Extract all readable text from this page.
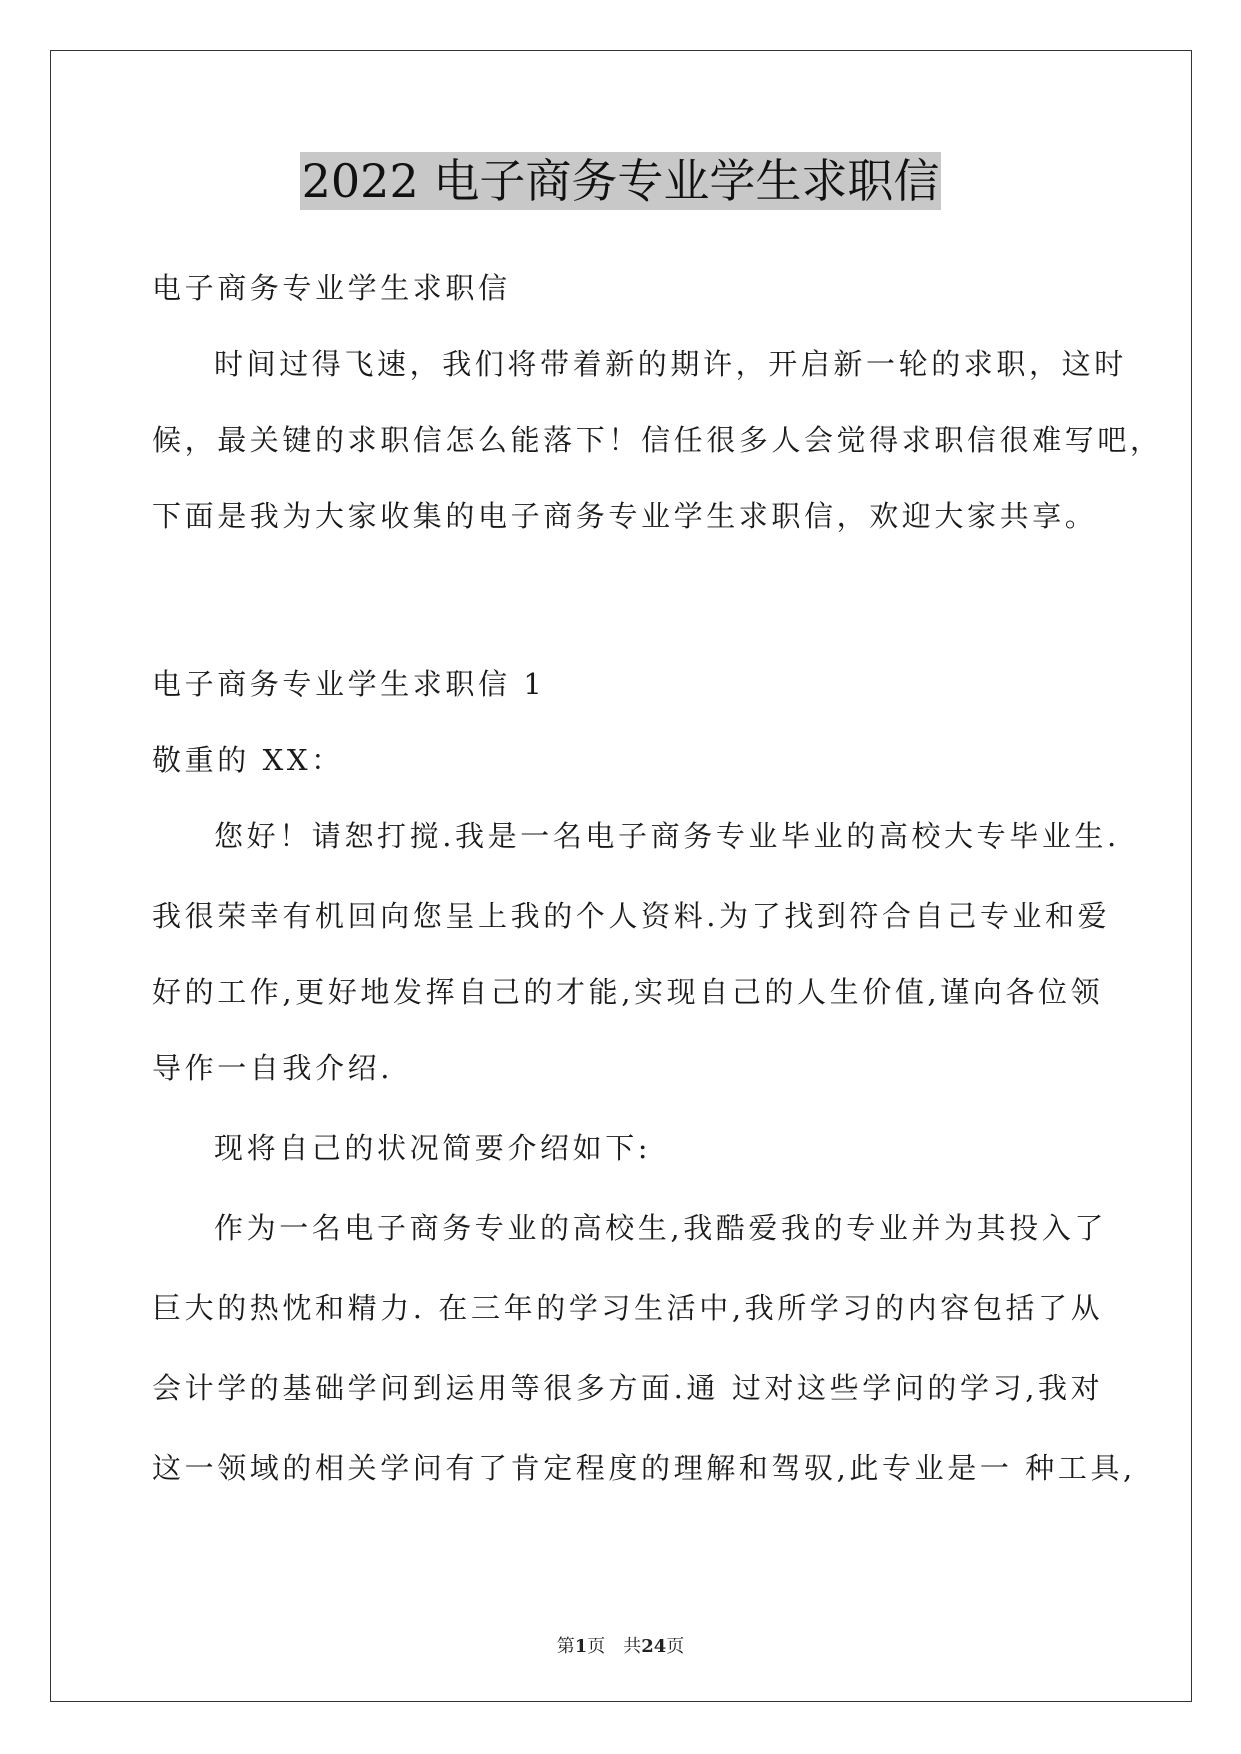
2022 电子商务专业学生求职信
电子商务专业学生求职信
时间过得飞速，我们将带着新的期许，开启新一轮的求职，这时
候，最关键的求职信怎么能落下！信任很多人会觉得求职信很难写吧，
下面是我为大家收集的电子商务专业学生求职信，欢迎大家共享。
电子商务专业学生求职信 1
敬重的 XX：
您好！请恕打搅.我是一名电子商务专业毕业的高校大专毕业生.
我很荣幸有机回向您呈上我的个人资料.为了找到符合自己专业和爱
好的工作,更好地发挥自己的才能,实现自己的人生价值,谨向各位领
导作一自我介绍.
现将自己的状况简要介绍如下:
作为一名电子商务专业的高校生,我酷爱我的专业并为其投入了
巨大的热忱和精力. 在三年的学习生活中,我所学习的内容包括了从
会计学的基础学问到运用等很多方面.通 过对这些学问的学习,我对
这一领域的相关学问有了肯定程度的理解和驾驭,此专业是一 种工具,
第1页　共24页
